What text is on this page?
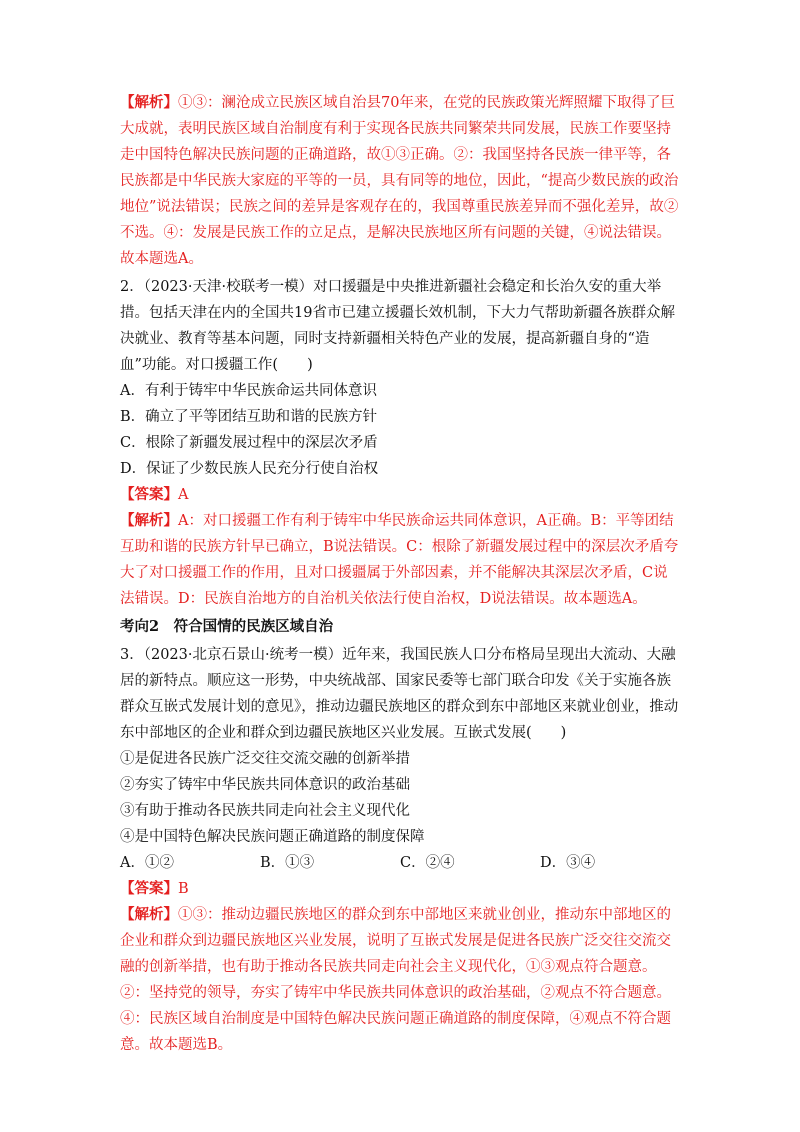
【解析】①③：澜沧成立民族区域自治县70年来，在党的民族政策光辉照耀下取得了巨大成就，表明民族区域自治制度有利于实现各民族共同繁荣共同发展，民族工作要坚持走中国特色解决民族问题的正确道路，故①③正确。②：我国坚持各民族一律平等，各民族都是中华民族大家庭的平等的一员，具有同等的地位，因此，“提高少数民族的政治地位”说法错误；民族之间的差异是客观存在的，我国尊重民族差异而不强化差异，故②不选。④：发展是民族工作的立足点，是解决民族地区所有问题的关键，④说法错误。故本题选A。

2．（2023·天津·校联考一模）对口援疆是中央推进新疆社会稳定和长治久安的重大举措。包括天津在内的全国共19省市已建立援疆长效机制，下大力气帮助新疆各族群众解决就业、教育等基本问题，同时支持新疆相关特色产业的发展，提高新疆自身的“造血”功能。对口援疆工作(　　)

A．有利于铸牢中华民族命运共同体意识

B．确立了平等团结互助和谐的民族方针

C．根除了新疆发展过程中的深层次矛盾

D．保证了少数民族人民充分行使自治权

【答案】A

【解析】A：对口援疆工作有利于铸牢中华民族命运共同体意识，A正确。B：平等团结互助和谐的民族方针早已确立，B说法错误。C：根除了新疆发展过程中的深层次矛盾夸大了对口援疆工作的作用，且对口援疆属于外部因素，并不能解决其深层次矛盾，C说法错误。D：民族自治地方的自治机关依法行使自治权，D说法错误。故本题选A。

考向2　符合国情的民族区域自治

3．（2023·北京石景山·统考一模）近年来，我国民族人口分布格局呈现出大流动、大融居的新特点。顺应这一形势，中央统战部、国家民委等七部门联合印发《关于实施各族群众互嵌式发展计划的意见》，推动边疆民族地区的群众到东中部地区来就业创业，推动东中部地区的企业和群众到边疆民族地区兴业发展。互嵌式发展(　　)

①是促进各民族广泛交往交流交融的创新举措

②夯实了铸牢中华民族共同体意识的政治基础

③有助于推动各民族共同走向社会主义现代化

④是中国特色解决民族问题正确道路的制度保障

A．①②	B．①③	C．②④	D．③④

【答案】B

【解析】①③：推动边疆民族地区的群众到东中部地区来就业创业，推动东中部地区的企业和群众到边疆民族地区兴业发展，说明了互嵌式发展是促进各民族广泛交往交流交融的创新举措，也有助于推动各民族共同走向社会主义现代化，①③观点符合题意。②：坚持党的领导，夯实了铸牢中华民族共同体意识的政治基础，②观点不符合题意。④：民族区域自治制度是中国特色解决民族问题正确道路的制度保障，④观点不符合题意。故本题选B。
